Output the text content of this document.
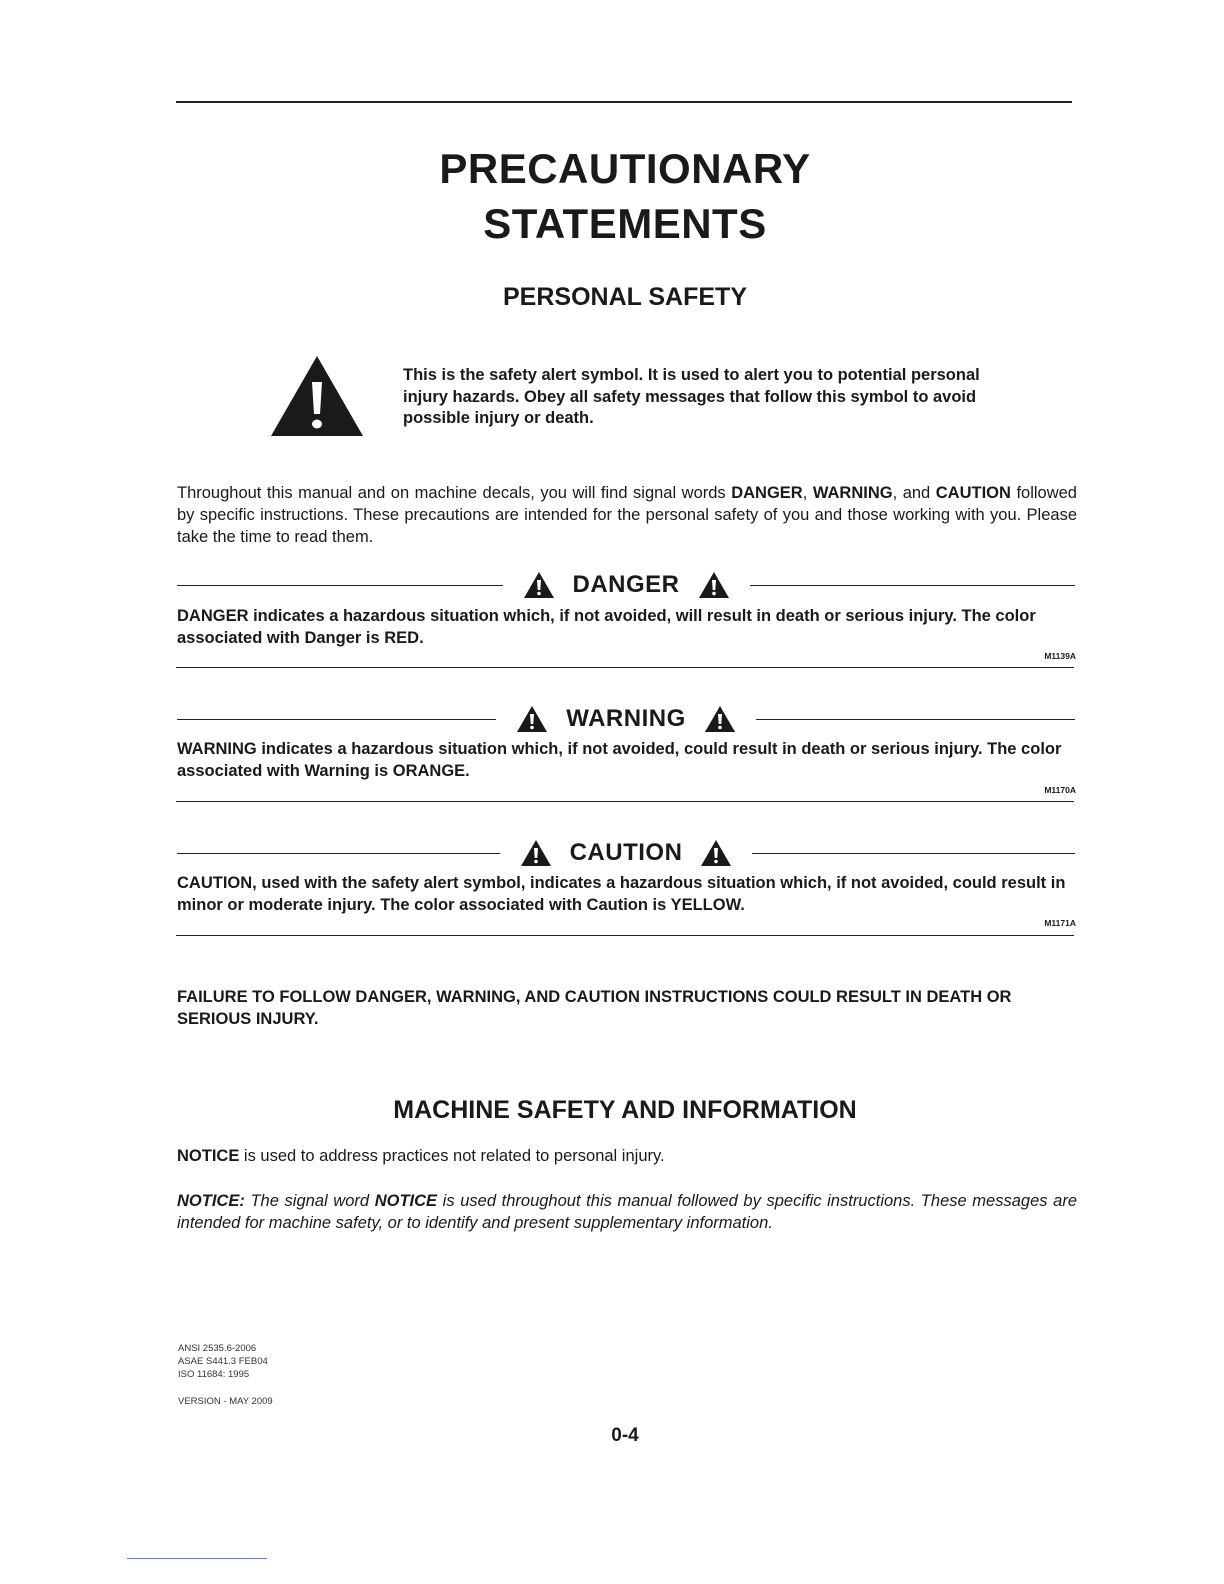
PRECAUTIONARY
STATEMENTS
PERSONAL SAFETY
This is the safety alert symbol. It is used to alert you to potential personal injury hazards. Obey all safety messages that follow this symbol to avoid possible injury or death.
Throughout this manual and on machine decals, you will find signal words DANGER, WARNING, and CAUTION followed by specific instructions. These precautions are intended for the personal safety of you and those working with you. Please take the time to read them.
DANGER
DANGER indicates a hazardous situation which, if not avoided, will result in death or serious injury. The color associated with Danger is RED.
M1139A
WARNING
WARNING indicates a hazardous situation which, if not avoided, could result in death or serious injury. The color associated with Warning is ORANGE.
M1170A
CAUTION
CAUTION, used with the safety alert symbol, indicates a hazardous situation which, if not avoided, could result in minor or moderate injury. The color associated with Caution is YELLOW.
M1171A
FAILURE TO FOLLOW DANGER, WARNING, AND CAUTION INSTRUCTIONS COULD RESULT IN DEATH OR SERIOUS INJURY.
MACHINE SAFETY AND INFORMATION
NOTICE is used to address practices not related to personal injury.
NOTICE: The signal word NOTICE is used throughout this manual followed by specific instructions. These messages are intended for machine safety, or to identify and present supplementary information.
ANSI 2535.6-2006
ASAE S441.3 FEB04
ISO 11684: 1995
VERSION - MAY 2009
0-4
